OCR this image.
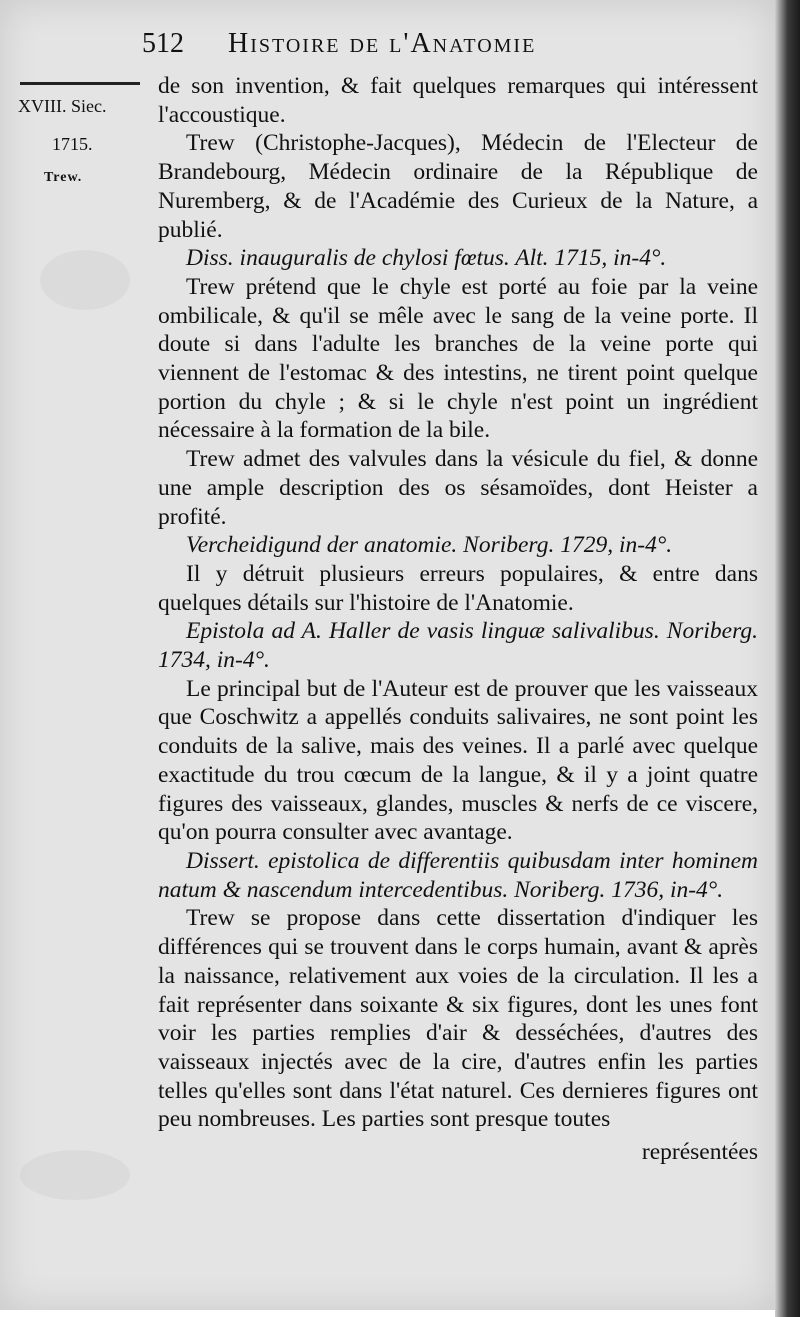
512 Histoire de l'Anatomie
XVIII. Siec.
1715.
Trew.

de son invention, & fait quelques remarques qui intéressent l'accoustique.

Trew (Christophe-Jacques), Médecin de l'Electeur de Brandebourg, Médecin ordinaire de la République de Nuremberg, & de l'Académie des Curieux de la Nature, a publié.

Diss. inauguralis de chylosi fœtus. Alt. 1715, in-4°.

Trew prétend que le chyle est porté au foie par la veine ombilicale, & qu'il se mêle avec le sang de la veine porte. Il doute si dans l'adulte les branches de la veine porte qui viennent de l'estomac & des intestins, ne tirent point quelque portion du chyle ; & si le chyle n'est point un ingrédient nécessaire à la formation de la bile.

Trew admet des valvules dans la vésicule du fiel, & donne une ample description des os sésamoïdes, dont Heister a profité.

Vercheidigund der anatomie. Noriberg. 1729, in-4°.

Il y détruit plusieurs erreurs populaires, & entre dans quelques détails sur l'histoire de l'Anatomie.

Epistola ad A. Haller de vasis linguæ salivalibus. Noriberg. 1734, in-4°.

Le principal but de l'Auteur est de prouver que les vaisseaux que Coschwitz a appellés conduits salivaires, ne sont point les conduits de la salive, mais des veines. Il a parlé avec quelque exactitude du trou cœcum de la langue, & il y a joint quatre figures des vaisseaux, glandes, muscles & nerfs de ce viscere, qu'on pourra consulter avec avantage.

Dissert. epistolica de differentiis quibusdam inter hominem natum & nascendum intercedentibus. Noriberg. 1736, in-4°.

Trew se propose dans cette dissertation d'indiquer les différences qui se trouvent dans le corps humain, avant & après la naissance, relativement aux voies de la circulation. Il les a fait représenter dans soixante & six figures, dont les unes font voir les parties remplies d'air & desséchées, d'autres des vaisseaux injectés avec de la cire, d'autres enfin les parties telles qu'elles sont dans l'état naturel. Ces dernieres figures ont peu nombreuses. Les parties sont presque toutes

représentées
